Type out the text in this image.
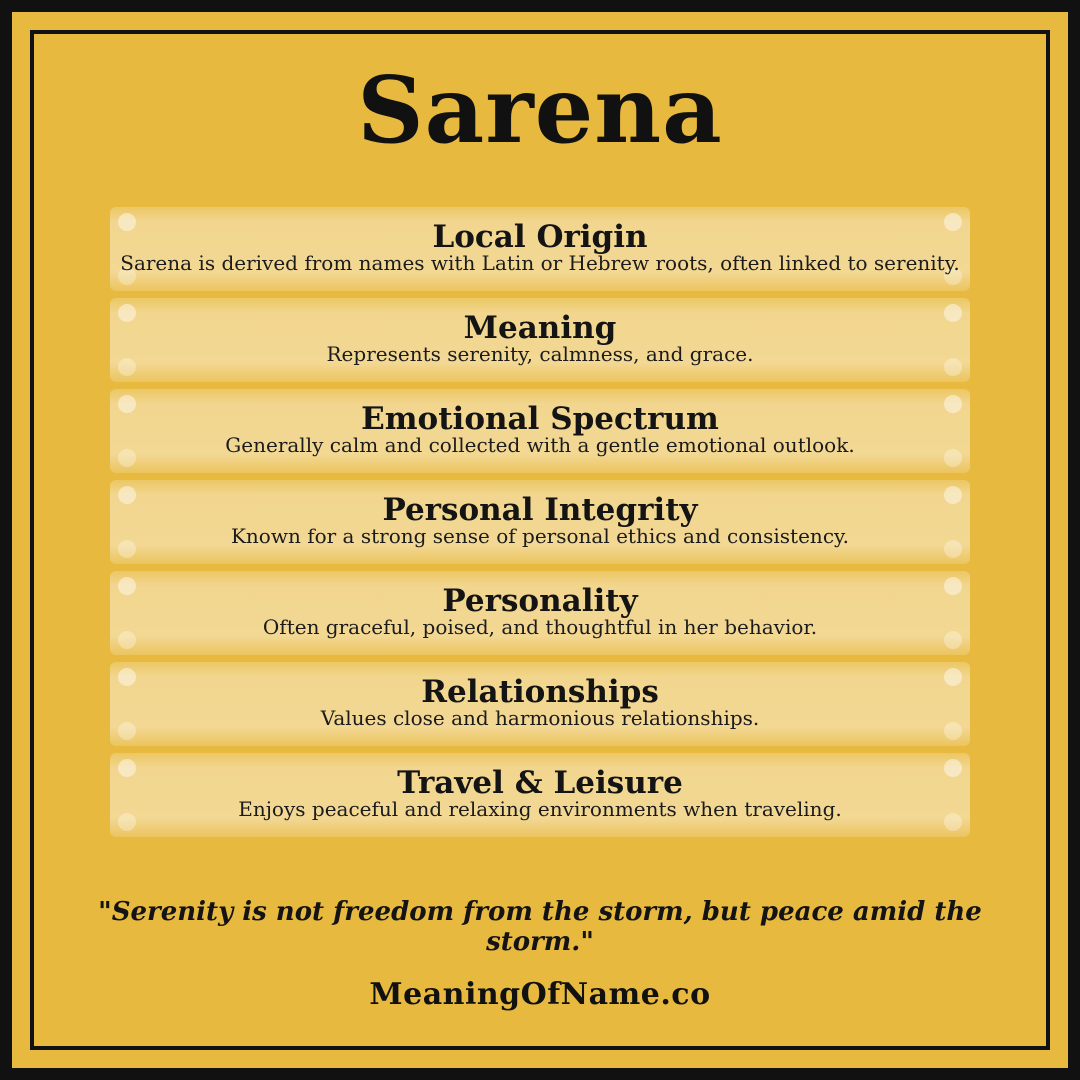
Sarena
Local Origin
Sarena is derived from names with Latin or Hebrew roots, often linked to serenity.
Meaning
Represents serenity, calmness, and grace.
Emotional Spectrum
Generally calm and collected with a gentle emotional outlook.
Personal Integrity
Known for a strong sense of personal ethics and consistency.
Personality
Often graceful, poised, and thoughtful in her behavior.
Relationships
Values close and harmonious relationships.
Travel & Leisure
Enjoys peaceful and relaxing environments when traveling.
"Serenity is not freedom from the storm, but peace amid the storm."
MeaningOfName.co
